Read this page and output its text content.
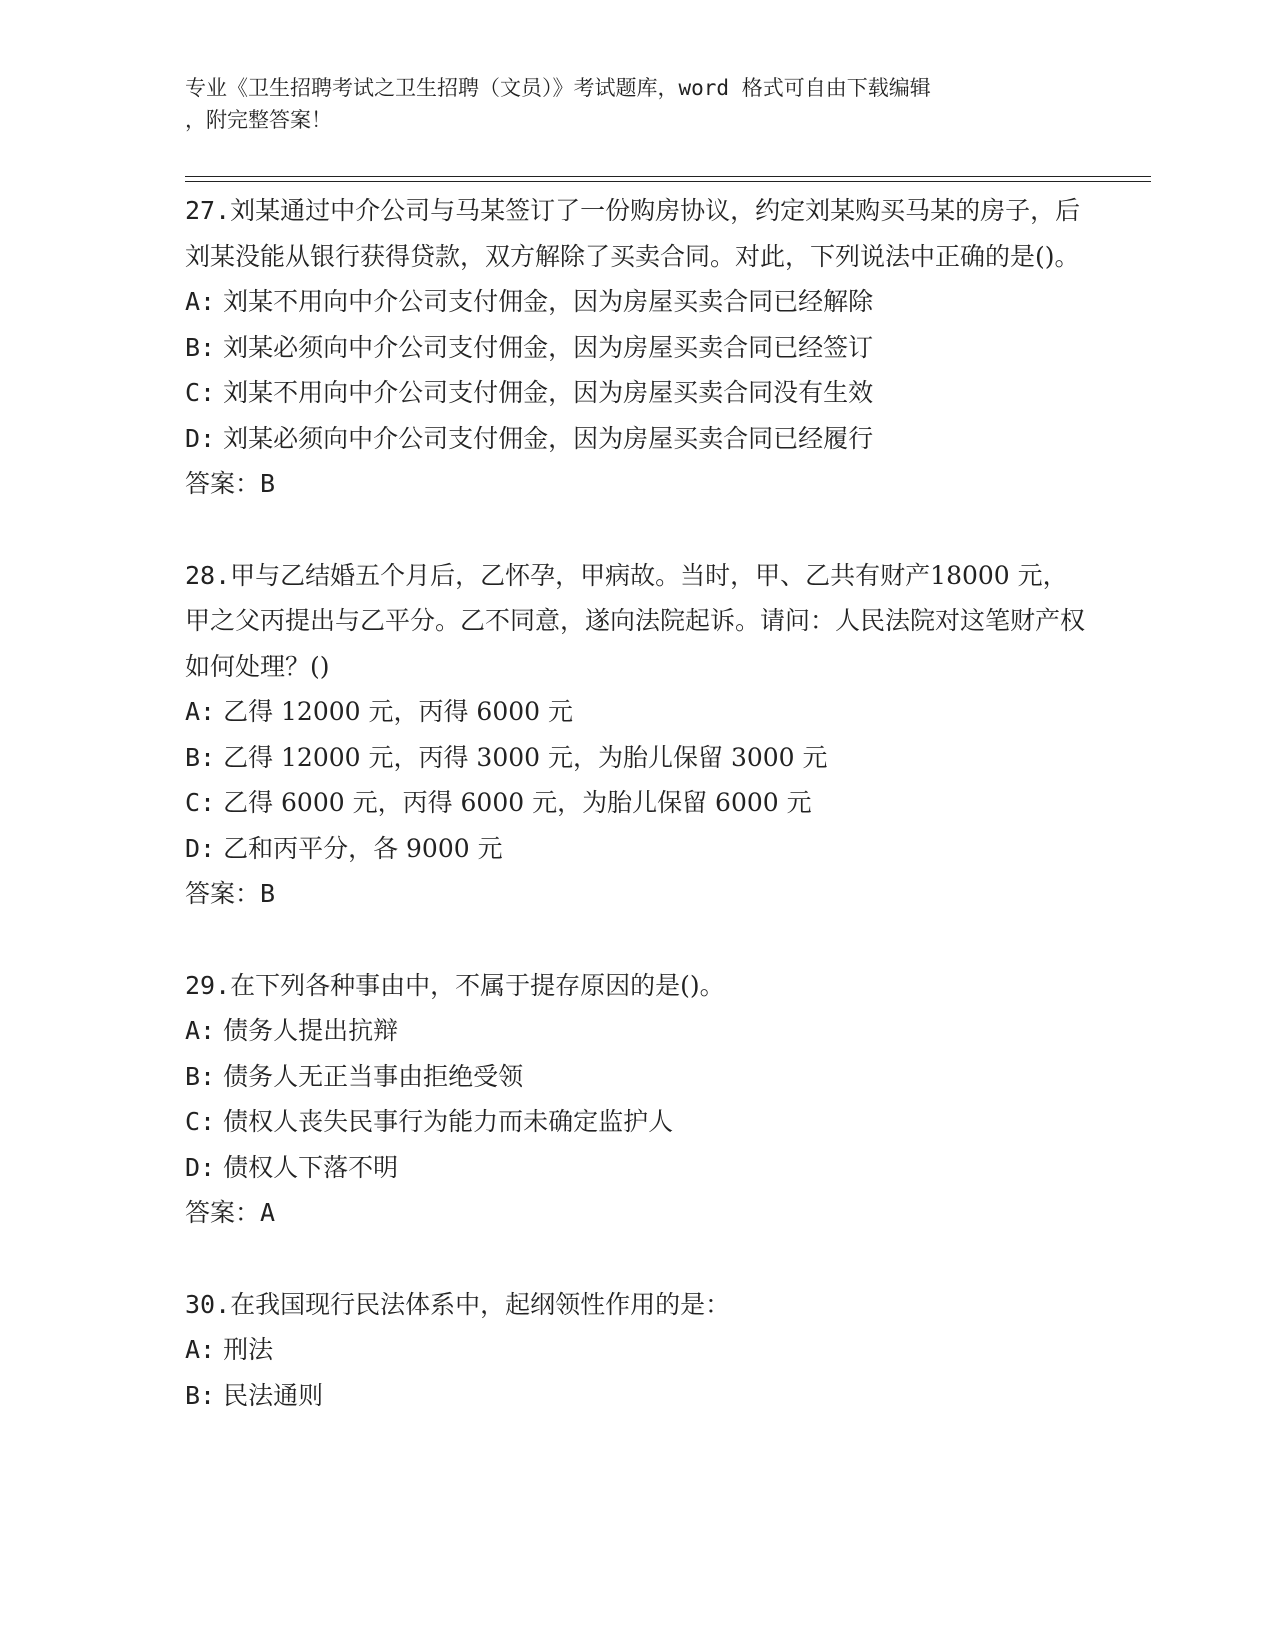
专业《卫生招聘考试之卫生招聘（文员）》考试题库，word 格式可自由下载编辑
，附完整答案！
27.刘某通过中介公司与马某签订了一份购房协议，约定刘某购买马某的房子，后刘某没能从银行获得贷款，双方解除了买卖合同。对此，下列说法中正确的是()。
A: 刘某不用向中介公司支付佣金，因为房屋买卖合同已经解除
B: 刘某必须向中介公司支付佣金，因为房屋买卖合同已经签订
C: 刘某不用向中介公司支付佣金，因为房屋买卖合同没有生效
D: 刘某必须向中介公司支付佣金，因为房屋买卖合同已经履行
答案：B
28.甲与乙结婚五个月后，乙怀孕，甲病故。当时，甲、乙共有财产18000 元，甲之父丙提出与乙平分。乙不同意，遂向法院起诉。请问：人民法院对这笔财产权如何处理？()
A: 乙得 12000 元，丙得 6000 元
B: 乙得 12000 元，丙得 3000 元，为胎儿保留 3000 元
C: 乙得 6000 元，丙得 6000 元，为胎儿保留 6000 元
D: 乙和丙平分，各 9000 元
答案：B
29.在下列各种事由中，不属于提存原因的是()。
A: 债务人提出抗辩
B: 债务人无正当事由拒绝受领
C: 债权人丧失民事行为能力而未确定监护人
D: 债权人下落不明
答案：A
30.在我国现行民法体系中，起纲领性作用的是：
A: 刑法
B: 民法通则
